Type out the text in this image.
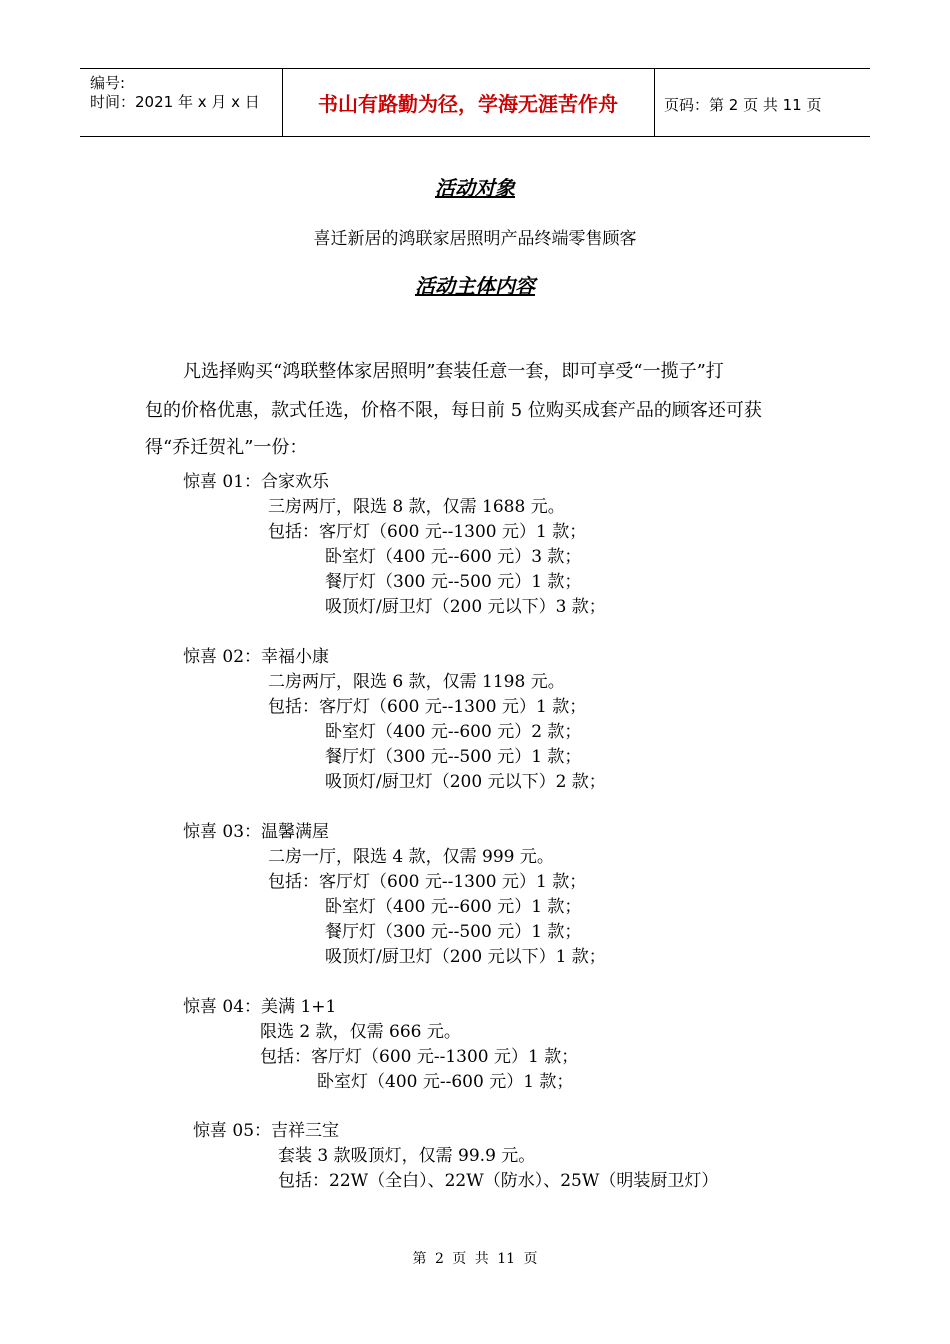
编号:
时间：2021 年 x 月 x 日	书山有路勤为径，学海无涯苦作舟	页码：第 2 页 共 11 页
活动对象
喜迁新居的鸿联家居照明产品终端零售顾客
活动主体内容
凡选择购买“鸿联整体家居照明”套装任意一套，即可享受“一揽子”打
包的价格优惠，款式任选，价格不限，每日前 5 位购买成套产品的顾客还可获
得“乔迁贺礼”一份：
惊喜 01：合家欢乐
三房两厅，限选 8 款，仅需 1688 元。
包括：客厅灯（600 元--1300 元）1 款；
卧室灯（400 元--600 元）3 款；
餐厅灯（300 元--500 元）1 款；
吸顶灯/厨卫灯（200 元以下）3 款；
惊喜 02：幸福小康
二房两厅，限选 6 款，仅需 1198 元。
包括：客厅灯（600 元--1300 元）1 款；
卧室灯（400 元--600 元）2 款；
餐厅灯（300 元--500 元）1 款；
吸顶灯/厨卫灯（200 元以下）2 款；
惊喜 03：温馨满屋
二房一厅，限选 4 款，仅需 999 元。
包括：客厅灯（600 元--1300 元）1 款；
卧室灯（400 元--600 元）1 款；
餐厅灯（300 元--500 元）1 款；
吸顶灯/厨卫灯（200 元以下）1 款；
惊喜 04：美满 1+1
限选 2 款，仅需 666 元。
包括：客厅灯（600 元--1300 元）1 款；
卧室灯（400 元--600 元）1 款；
惊喜 05：吉祥三宝
套装 3 款吸顶灯，仅需 99.9 元。
包括：22W（全白）、22W（防水）、25W（明装厨卫灯）
第 2 页 共 11 页
